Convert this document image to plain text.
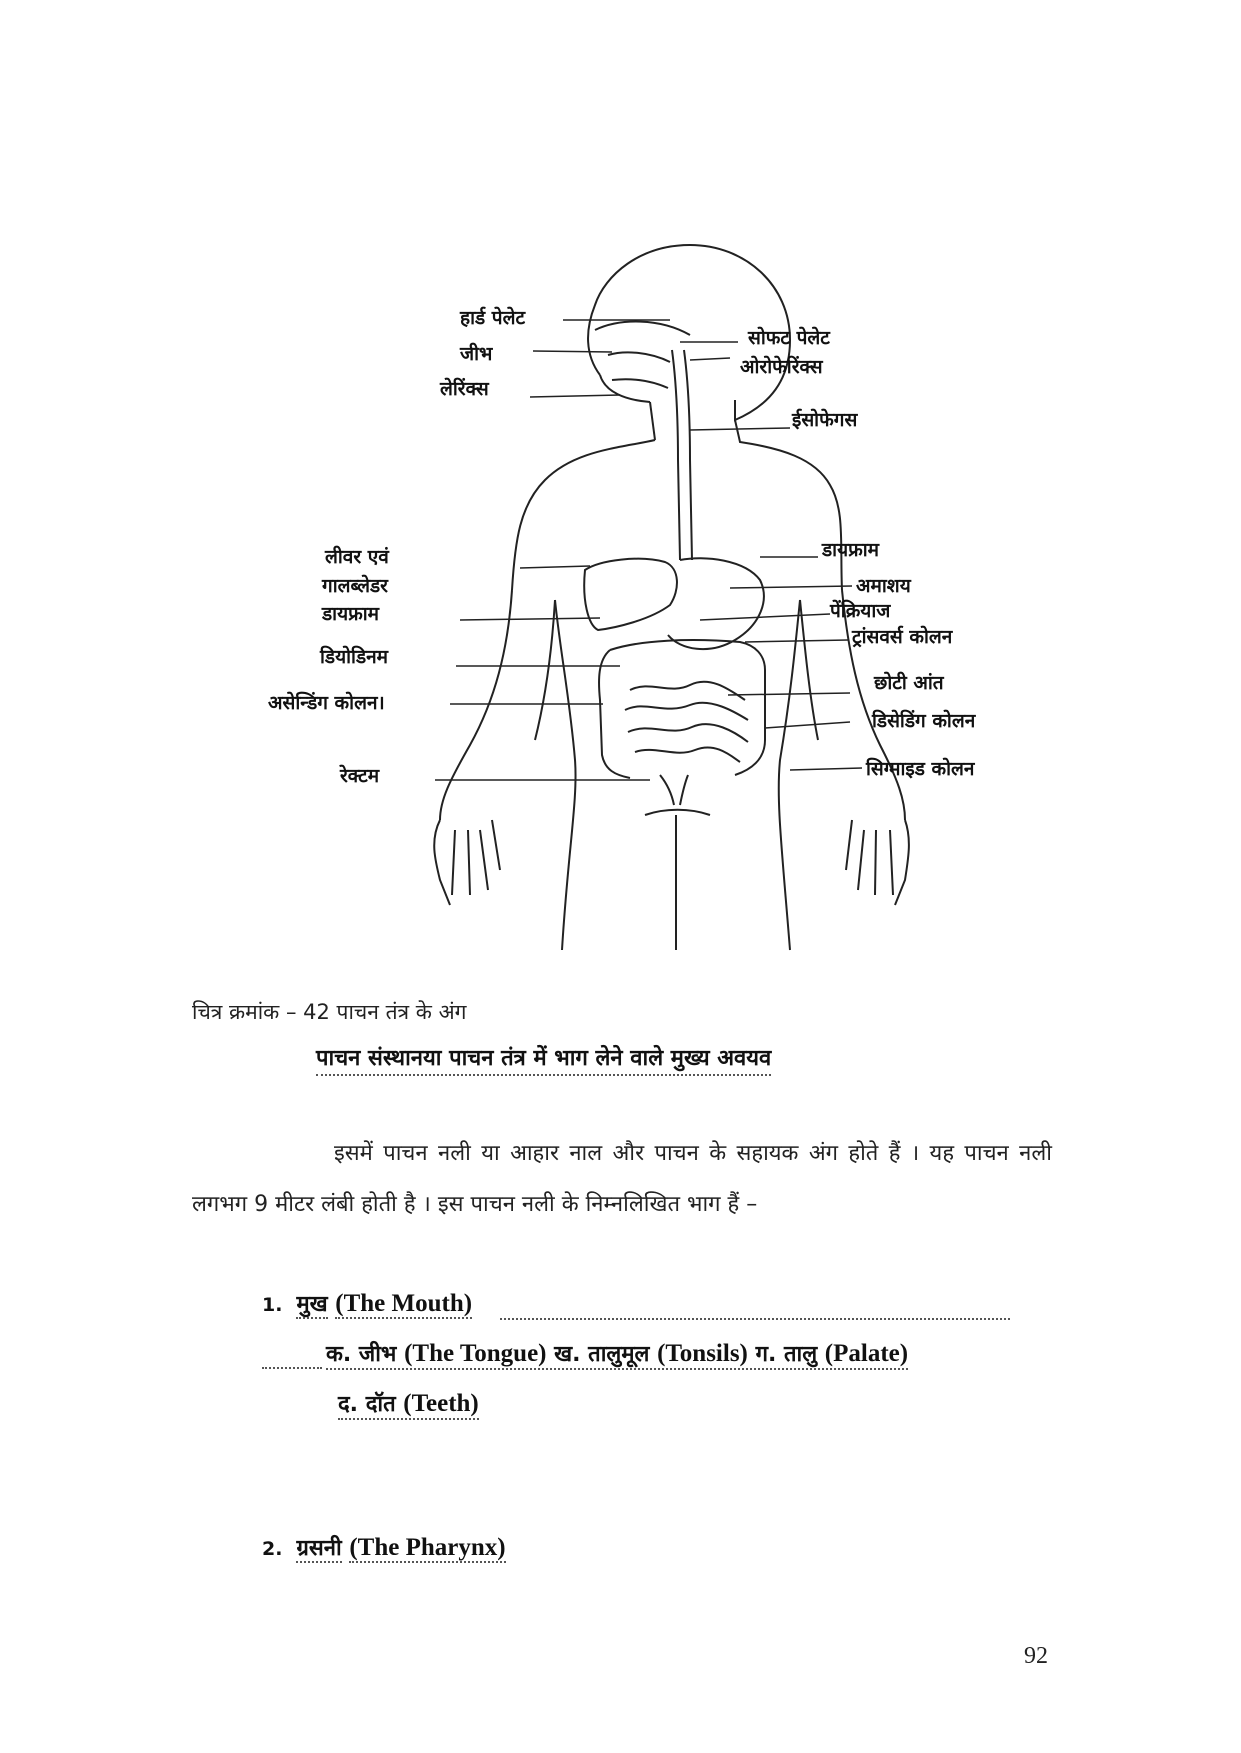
हार्ड पेलेट
जीभ
लेरिंक्स
सोफट पेलेट
ओरोफेरिंक्स
ईसोफेगस
लीवर एवं
गालब्लेडर
डायफ्राम
डियोडिनम
असेन्डिंग कोलन।
रेक्टम
डायफ्राम
अमाशय
पेंक्रियाज
ट्रांसवर्स कोलन
छोटी आंत
डिसेडिंग कोलन
सिग्माइड कोलन
चित्र क्रमांक – 42 पाचन तंत्र के अंग
पाचन संस्थानया पाचन तंत्र में भाग लेने वाले मुख्य अवयव
इसमें पाचन नली या आहार नाल और पाचन के सहायक अंग होते हैं । यह पाचन नली लगभग 9 मीटर लंबी होती है । इस पाचन नली के निम्नलिखित भाग हैं –
1. मुख (The Mouth)
क. जीभ (The Tongue) ख. तालुमूल (Tonsils) ग. तालु (Palate)
द. दॉत (Teeth)
2. ग्रसनी (The Pharynx)
92
